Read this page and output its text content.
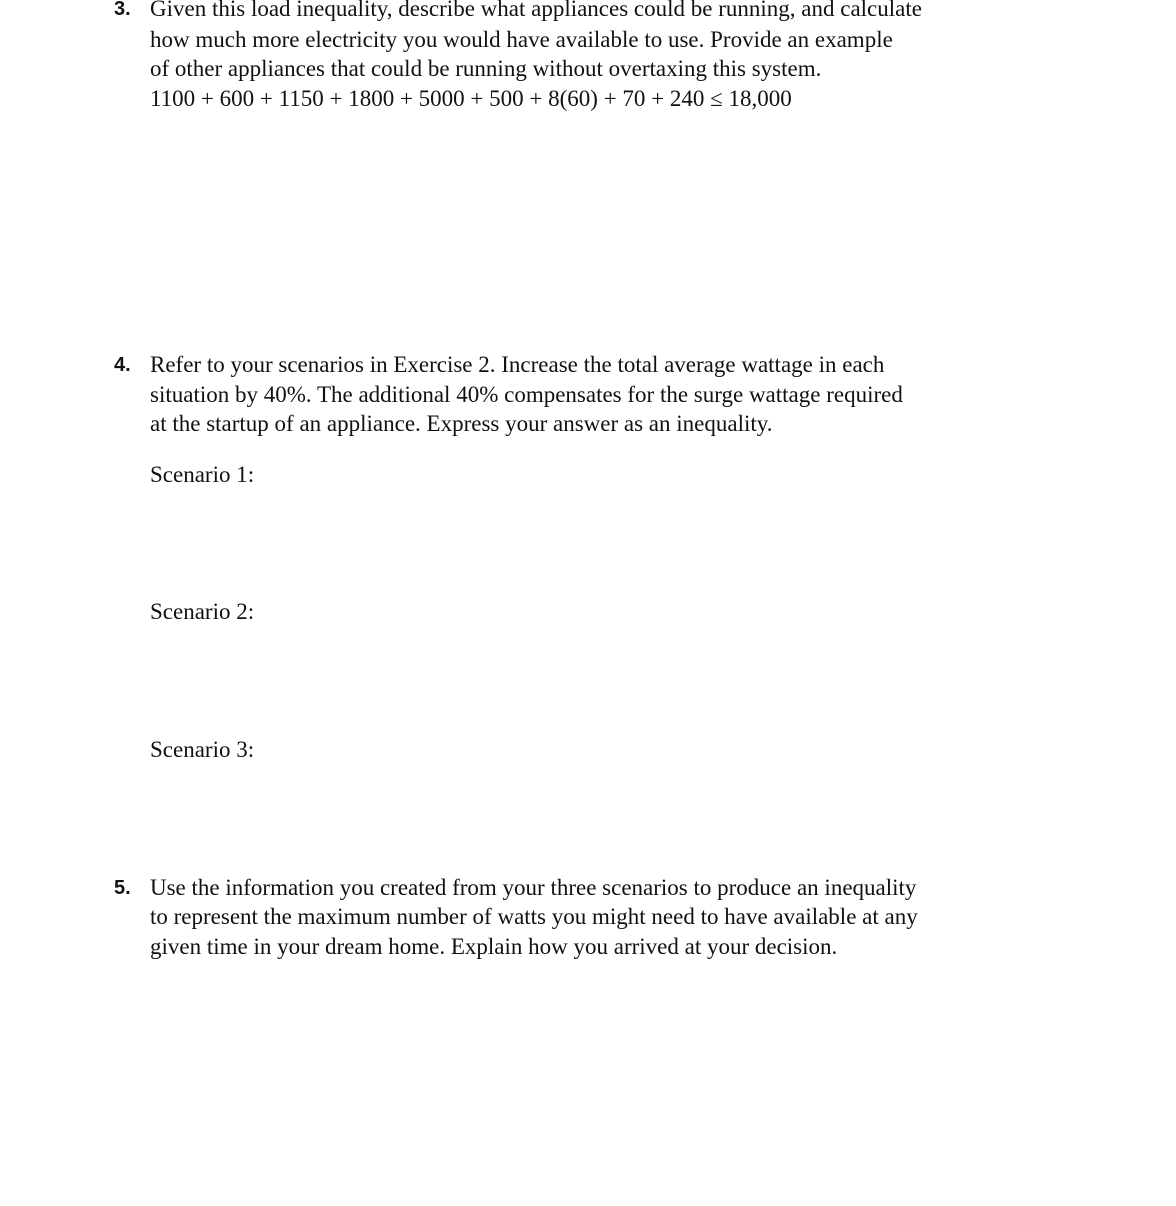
3. Given this load inequality, describe what appliances could be running, and calculate
how much more electricity you would have available to use. Provide an example
of other appliances that could be running without overtaxing this system.
1100 + 600 + 1150 + 1800 + 5000 + 500 + 8(60) + 70 + 240 ≤ 18,000
4. Refer to your scenarios in Exercise 2. Increase the total average wattage in each
situation by 40%. The additional 40% compensates for the surge wattage required
at the startup of an appliance. Express your answer as an inequality.
Scenario 1:
Scenario 2:
Scenario 3:
5. Use the information you created from your three scenarios to produce an inequality
to represent the maximum number of watts you might need to have available at any
given time in your dream home. Explain how you arrived at your decision.
